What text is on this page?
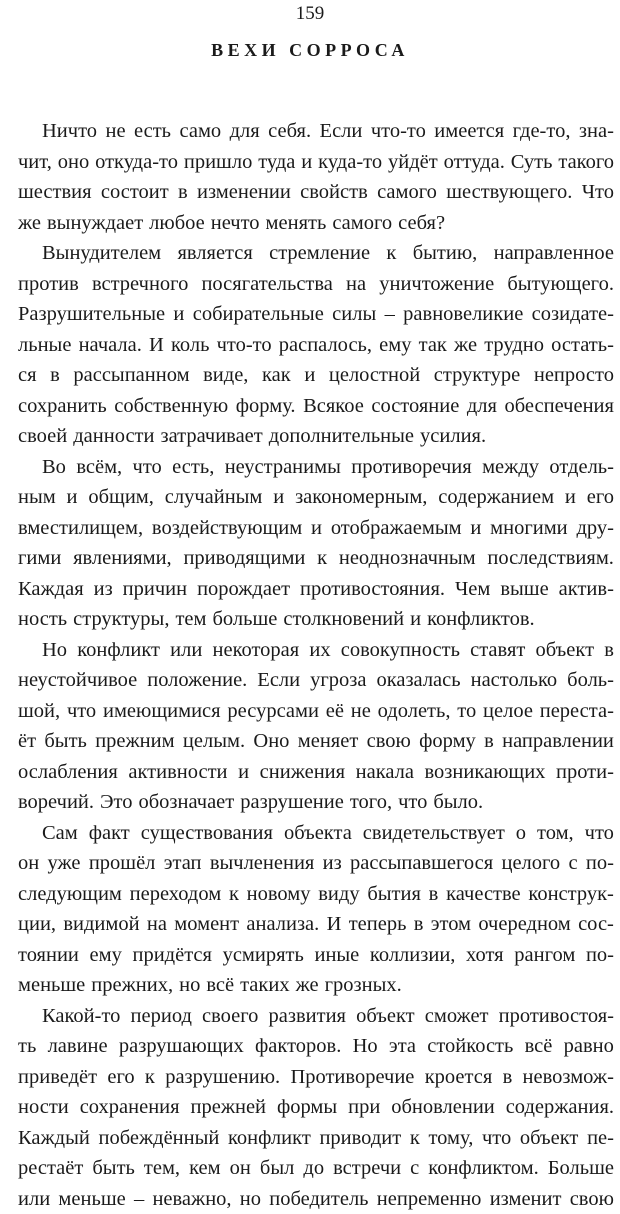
159
ВЕХИ СОРРОСА
Ничто не есть само для себя. Если что-то имеется где-то, зна-
чит, оно откуда-то пришло туда и куда-то уйдёт оттуда. Суть такого
шествия состоит в изменении свойств самого шествующего. Что
же вынуждает любое нечто менять самого себя?
Вынудителем является стремление к бытию, направленное
против встречного посягательства на уничтожение бытующего.
Разрушительные и собирательные силы – равновеликие созидате-
льные начала. И коль что-то распалось, ему так же трудно остать-
ся в рассыпанном виде, как и целостной структуре непросто
сохранить собственную форму. Всякое состояние для обеспечения
своей данности затрачивает дополнительные усилия.
Во всём, что есть, неустранимы противоречия между отдель-
ным и общим, случайным и закономерным, содержанием и его
вместилищем, воздействующим и отображаемым и многими дру-
гими явлениями, приводящими к неоднозначным последствиям.
Каждая из причин порождает противостояния. Чем выше актив-
ность структуры, тем больше столкновений и конфликтов.
Но конфликт или некоторая их совокупность ставят объект в
неустойчивое положение. Если угроза оказалась настолько боль-
шой, что имеющимися ресурсами её не одолеть, то целое переста-
ёт быть прежним целым. Оно меняет свою форму в направлении
ослабления активности и снижения накала возникающих проти-
воречий. Это обозначает разрушение того, что было.
Сам факт существования объекта свидетельствует о том, что
он уже прошёл этап вычленения из рассыпавшегося целого с по-
следующим переходом к новому виду бытия в качестве конструк-
ции, видимой на момент анализа. И теперь в этом очередном сос-
тоянии ему придётся усмирять иные коллизии, хотя рангом по-
меньше прежних, но всё таких же грозных.
Какой-то период своего развития объект сможет противостоя-
ть лавине разрушающих факторов. Но эта стойкость всё равно
приведёт его к разрушению. Противоречие кроется в невозмож-
ности сохранения прежней формы при обновлении содержания.
Каждый побеждённый конфликт приводит к тому, что объект пе-
рестаёт быть тем, кем он был до встречи с конфликтом. Больше
или меньше – неважно, но победитель непременно изменит свою
